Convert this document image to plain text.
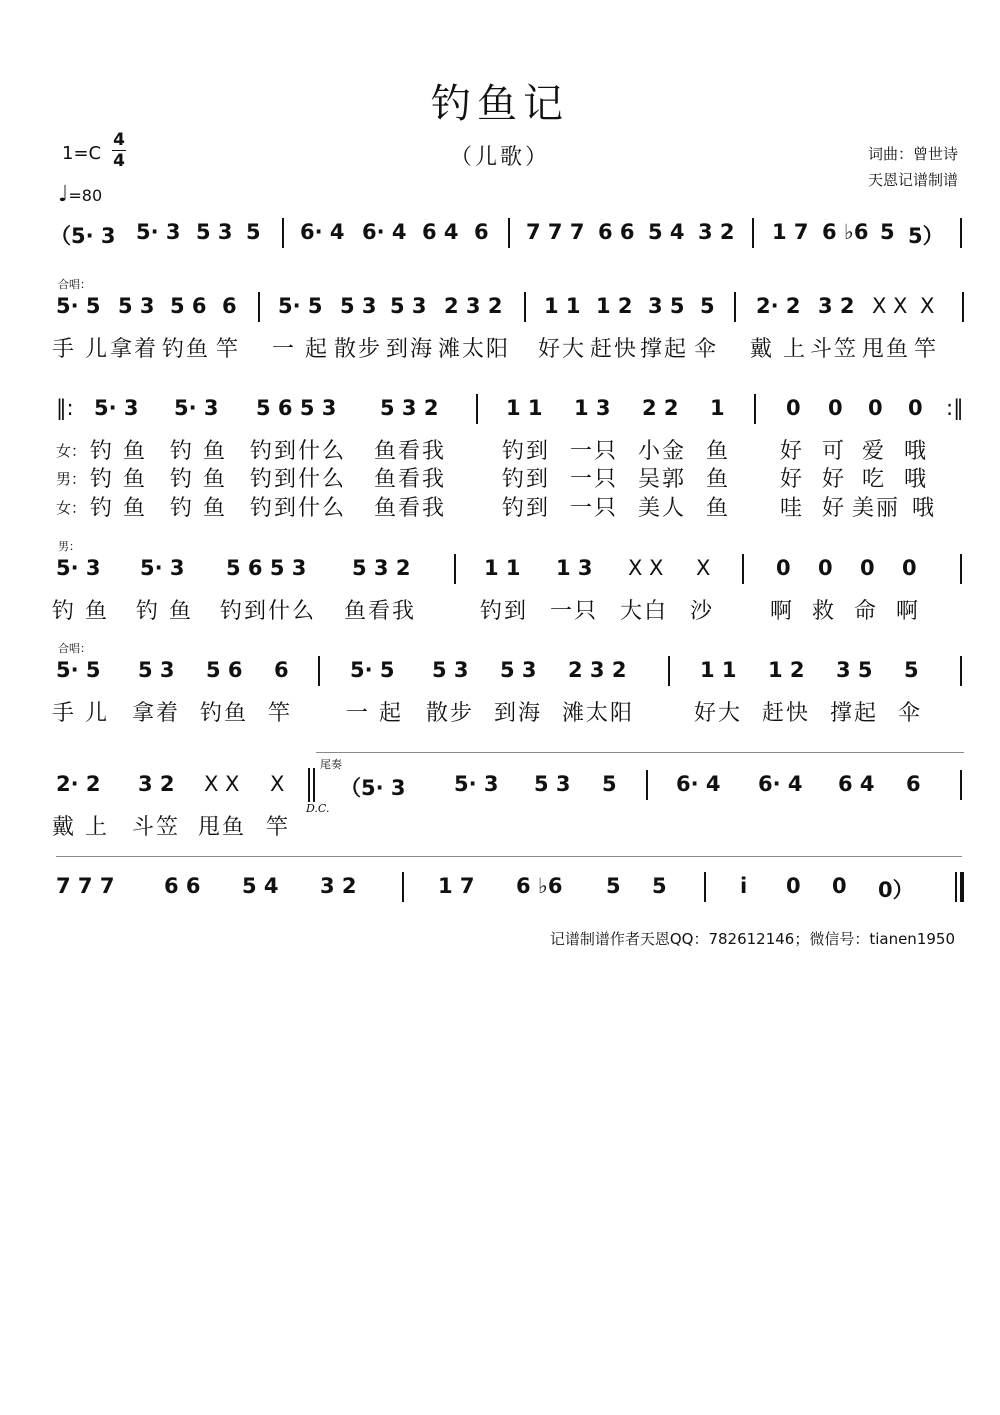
钓鱼记
（儿歌）
1=C
4
4
♩=80
词曲：曾世诗
天恩记谱制谱
（5· 3 5· 3 5 3 5 6· 4 6· 4 6 4 6 7 7 7 6 6 5 4 3 2 1 7 6 ♭6 5 5）
合唱：
5· 5 5 3 5 6 6 5· 5 5 3 5 3 2 3 2 1 1 1 2 3 5 5 2· 2 3 2 X X X
手 儿 拿着 钓鱼 竿 一 起 散步 到海 滩太阳 好大 赶快 撑起 伞 戴 上 斗笠 甩鱼 竿
‖: 5· 3 5· 3 5 6 5 3 5 3 2	1 1 1 3 2 2 1	0 0 0 0 :‖
女： 钓 鱼 钓 鱼 钓到什么 鱼看我	钓到 一只 小金 鱼 好 可 爱 哦
男： 钓 鱼 钓 鱼 钓到什么 鱼看我	钓到 一只 吴郭 鱼 好 好 吃 哦
女： 钓 鱼 钓 鱼 钓到什么 鱼看我	钓到 一只 美人 鱼 哇 好 美丽 哦
男：
5· 3 5· 3 5 6 5 3 5 3 2	1 1 1 3 X X X	0 0 0 0
钓 鱼 钓 鱼 钓到什么 鱼看我	钓到 一只 大白 沙	啊 救 命 啊
合唱：
5· 5 5 3 5 6 6	5· 5 5 3 5 3 2 3 2	1 1 1 2 3 5 5
手 儿 拿着 钓鱼 竿 一 起 散步 到海 滩太阳	好大 赶快 撑起 伞
尾奏
2· 2 3 2 X X X
D.C.
（5· 3 5· 3 5 3 5	6· 4 6· 4 6 4 6
戴 上 斗笠 甩鱼 竿
7 7 7 6 6 5 4 3 2	1 7 6 ♭6 5 5	i 0 0 0）
记谱制谱作者天恩QQ：782612146；微信号：tianen1950
